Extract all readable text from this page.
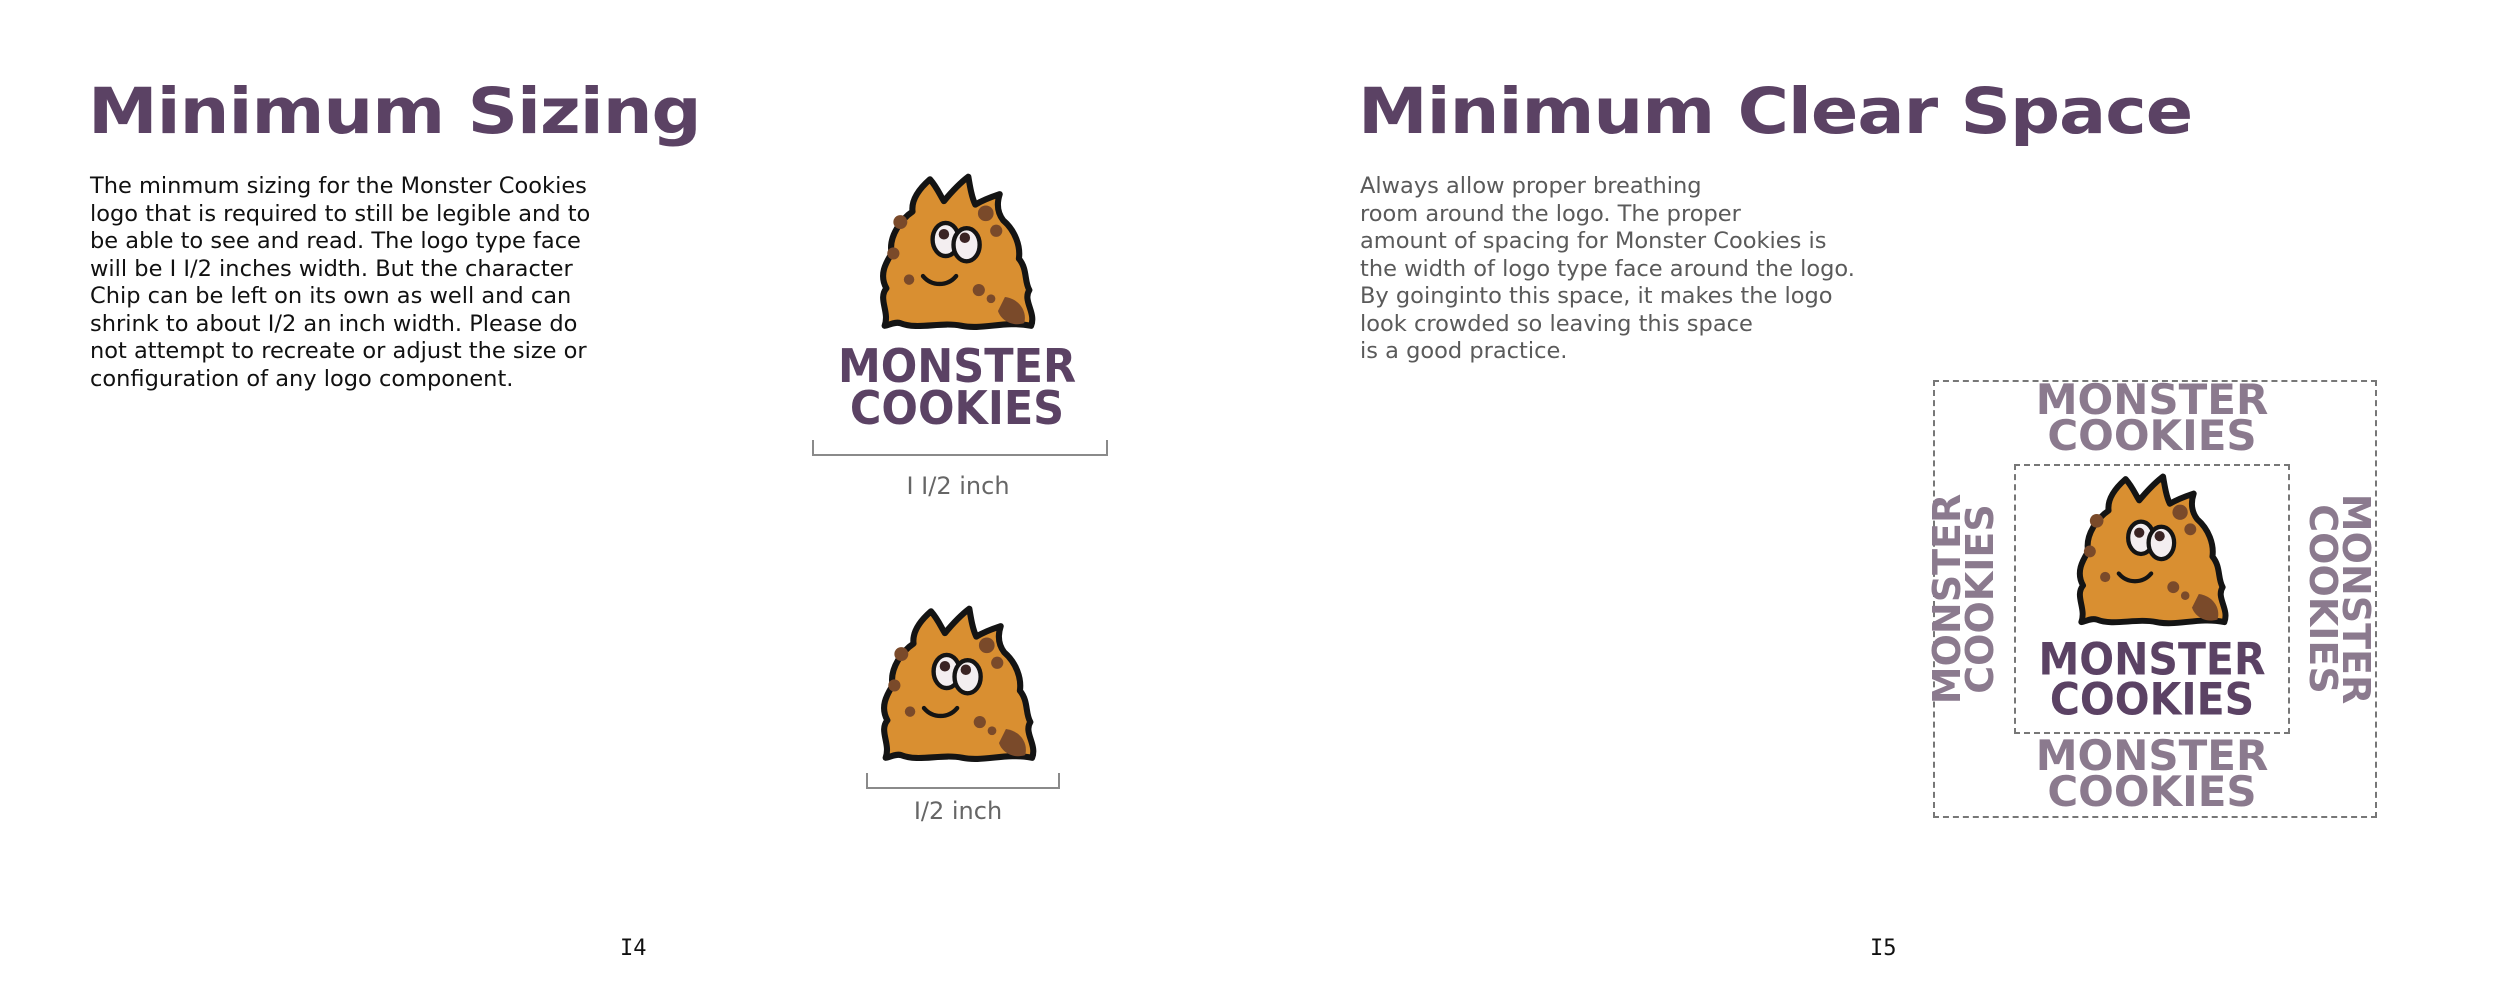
Minimum Sizing
The minmum sizing for the Monster Cookies
logo that is required to still be legible and to
be able to see and read. The logo type face
will be I I/2 inches width. But the character
Chip can be left on its own as well and can
shrink to about I/2 an inch width. Please do
not attempt to recreate or adjust the size or
configuration of any logo component.	MONSTER
COOKIES
I I/2 inch
I/2 inch
I4
Minimum Clear Space
Always allow proper breathing
room around the logo. The proper
amount of spacing for Monster Cookies is
the width of logo type face around the logo.
By goinginto this space, it makes the logo
look crowded so leaving this space
is a good practice.
MONSTER
COOKIES
MONSTER
COOKIES
MONSTER
COOKIES	MONSTER
COOKIES
MONSTER
COOKIES
I5
